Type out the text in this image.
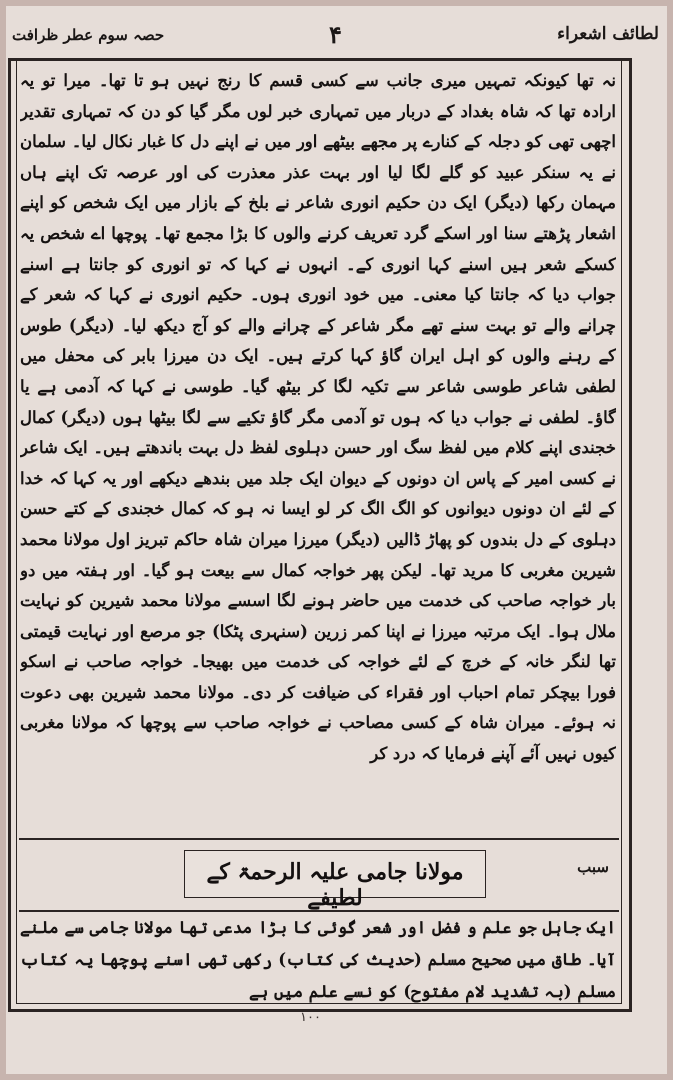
لطائف اشعراء
۴
حصہ سوم عطر ظرافت

نہ تھا کیونکہ تمہیں میری جانب سے کسی قسم کا رنج نہیں ہو تا تھا۔ میرا تو یہ ارادہ تھا کہ شاہ بغداد کے دربار میں تمہاری خبر لوں مگر گیا کو دن کہ تمہاری تقدیر اچھی تھی کو دجلہ کے کنارے پر مجھے بیٹھے اور میں نے اپنے دل کا غبار نکال لیا۔ سلمان نے یہ سنکر عبید کو گلے لگا لیا اور بہت عذر معذرت کی اور عرصہ تک اپنے ہاں مہمان رکھا (دیگر) ایک دن حکیم انوری شاعر نے بلخ کے بازار میں ایک شخص کو اپنے اشعار پڑھتے سنا اور اسکے گرد تعریف کرنے والوں کا بڑا مجمع تھا۔ پوچھا اے شخص یہ کسکے شعر ہیں اسنے کہا انوری کے۔ انہوں نے کہا کہ تو انوری کو جانتا ہے اسنے جواب دیا کہ جانتا کیا معنی۔ میں خود انوری ہوں۔ حکیم انوری نے کہا کہ شعر کے چرانے والے تو بہت سنے تھے مگر شاعر کے چرانے والے کو آج دیکھ لیا۔ (دیگر) طوس کے رہنے والوں کو اہل ایران گاؤ کہا کرتے ہیں۔ ایک دن میرزا بابر کی محفل میں لطفی شاعر طوسی شاعر سے تکیہ لگا کر بیٹھ گیا۔ طوسی نے کہا کہ آدمی ہے یا گاؤ۔ لطفی نے جواب دیا کہ ہوں تو آدمی مگر گاؤ تکیے سے لگا بیٹھا ہوں (دیگر) کمال خجندی اپنے کلام میں لفظ سگ اور حسن دہلوی لفظ دل بہت باندھتے ہیں۔ ایک شاعر نے کسی امیر کے پاس ان دونوں کے دیوان ایک جلد میں بندھے دیکھے اور یہ کہا کہ خدا کے لئے ان دونوں دیوانوں کو الگ الگ کر لو ایسا نہ ہو کہ کمال خجندی کے کتے حسن دہلوی کے دل بندوں کو پھاڑ ڈالیں (دیگر) میرزا میران شاہ حاکم تبریز اول مولانا محمد شیرین مغربی کا مرید تھا۔ لیکن پھر خواجہ کمال سے بیعت ہو گیا۔ اور ہفتہ میں دو بار خواجہ صاحب کی خدمت میں حاضر ہونے لگا اسسے مولانا محمد شیرین کو نہایت ملال ہوا۔ ایک مرتبہ میرزا نے اپنا کمر زرین (سنہری پٹکا) جو مرصع اور نہایت قیمتی تھا لنگر خانہ کے خرچ کے لئے خواجہ کی خدمت میں بھیجا۔ خواجہ صاحب نے اسکو فورا بیچکر تمام احباب اور فقراء کی ضیافت کر دی۔ مولانا محمد شیرین بھی دعوت نہ ہوئے۔ میران شاہ کے کسی مصاحب نے خواجہ صاحب سے پوچھا کہ مولانا مغربی کیوں نہیں آئے آپنے فرمایا کہ درد کر

سبب
مولانا جامی علیہ الرحمۃ کے لطیفے

ایک جاہل جو علم و فضل اور شعر گوئی کا بڑا مدعی تھا مولانا جامی سے ملنے آیا۔ طاق میں صحیح مسلم (حدیث کی کتاب) رکھی تھی اسنے پوچھا یہ کتاب مسلم (بہ تشدید لام مفتوح) کو نسے علم میں ہے

۱۰۰
